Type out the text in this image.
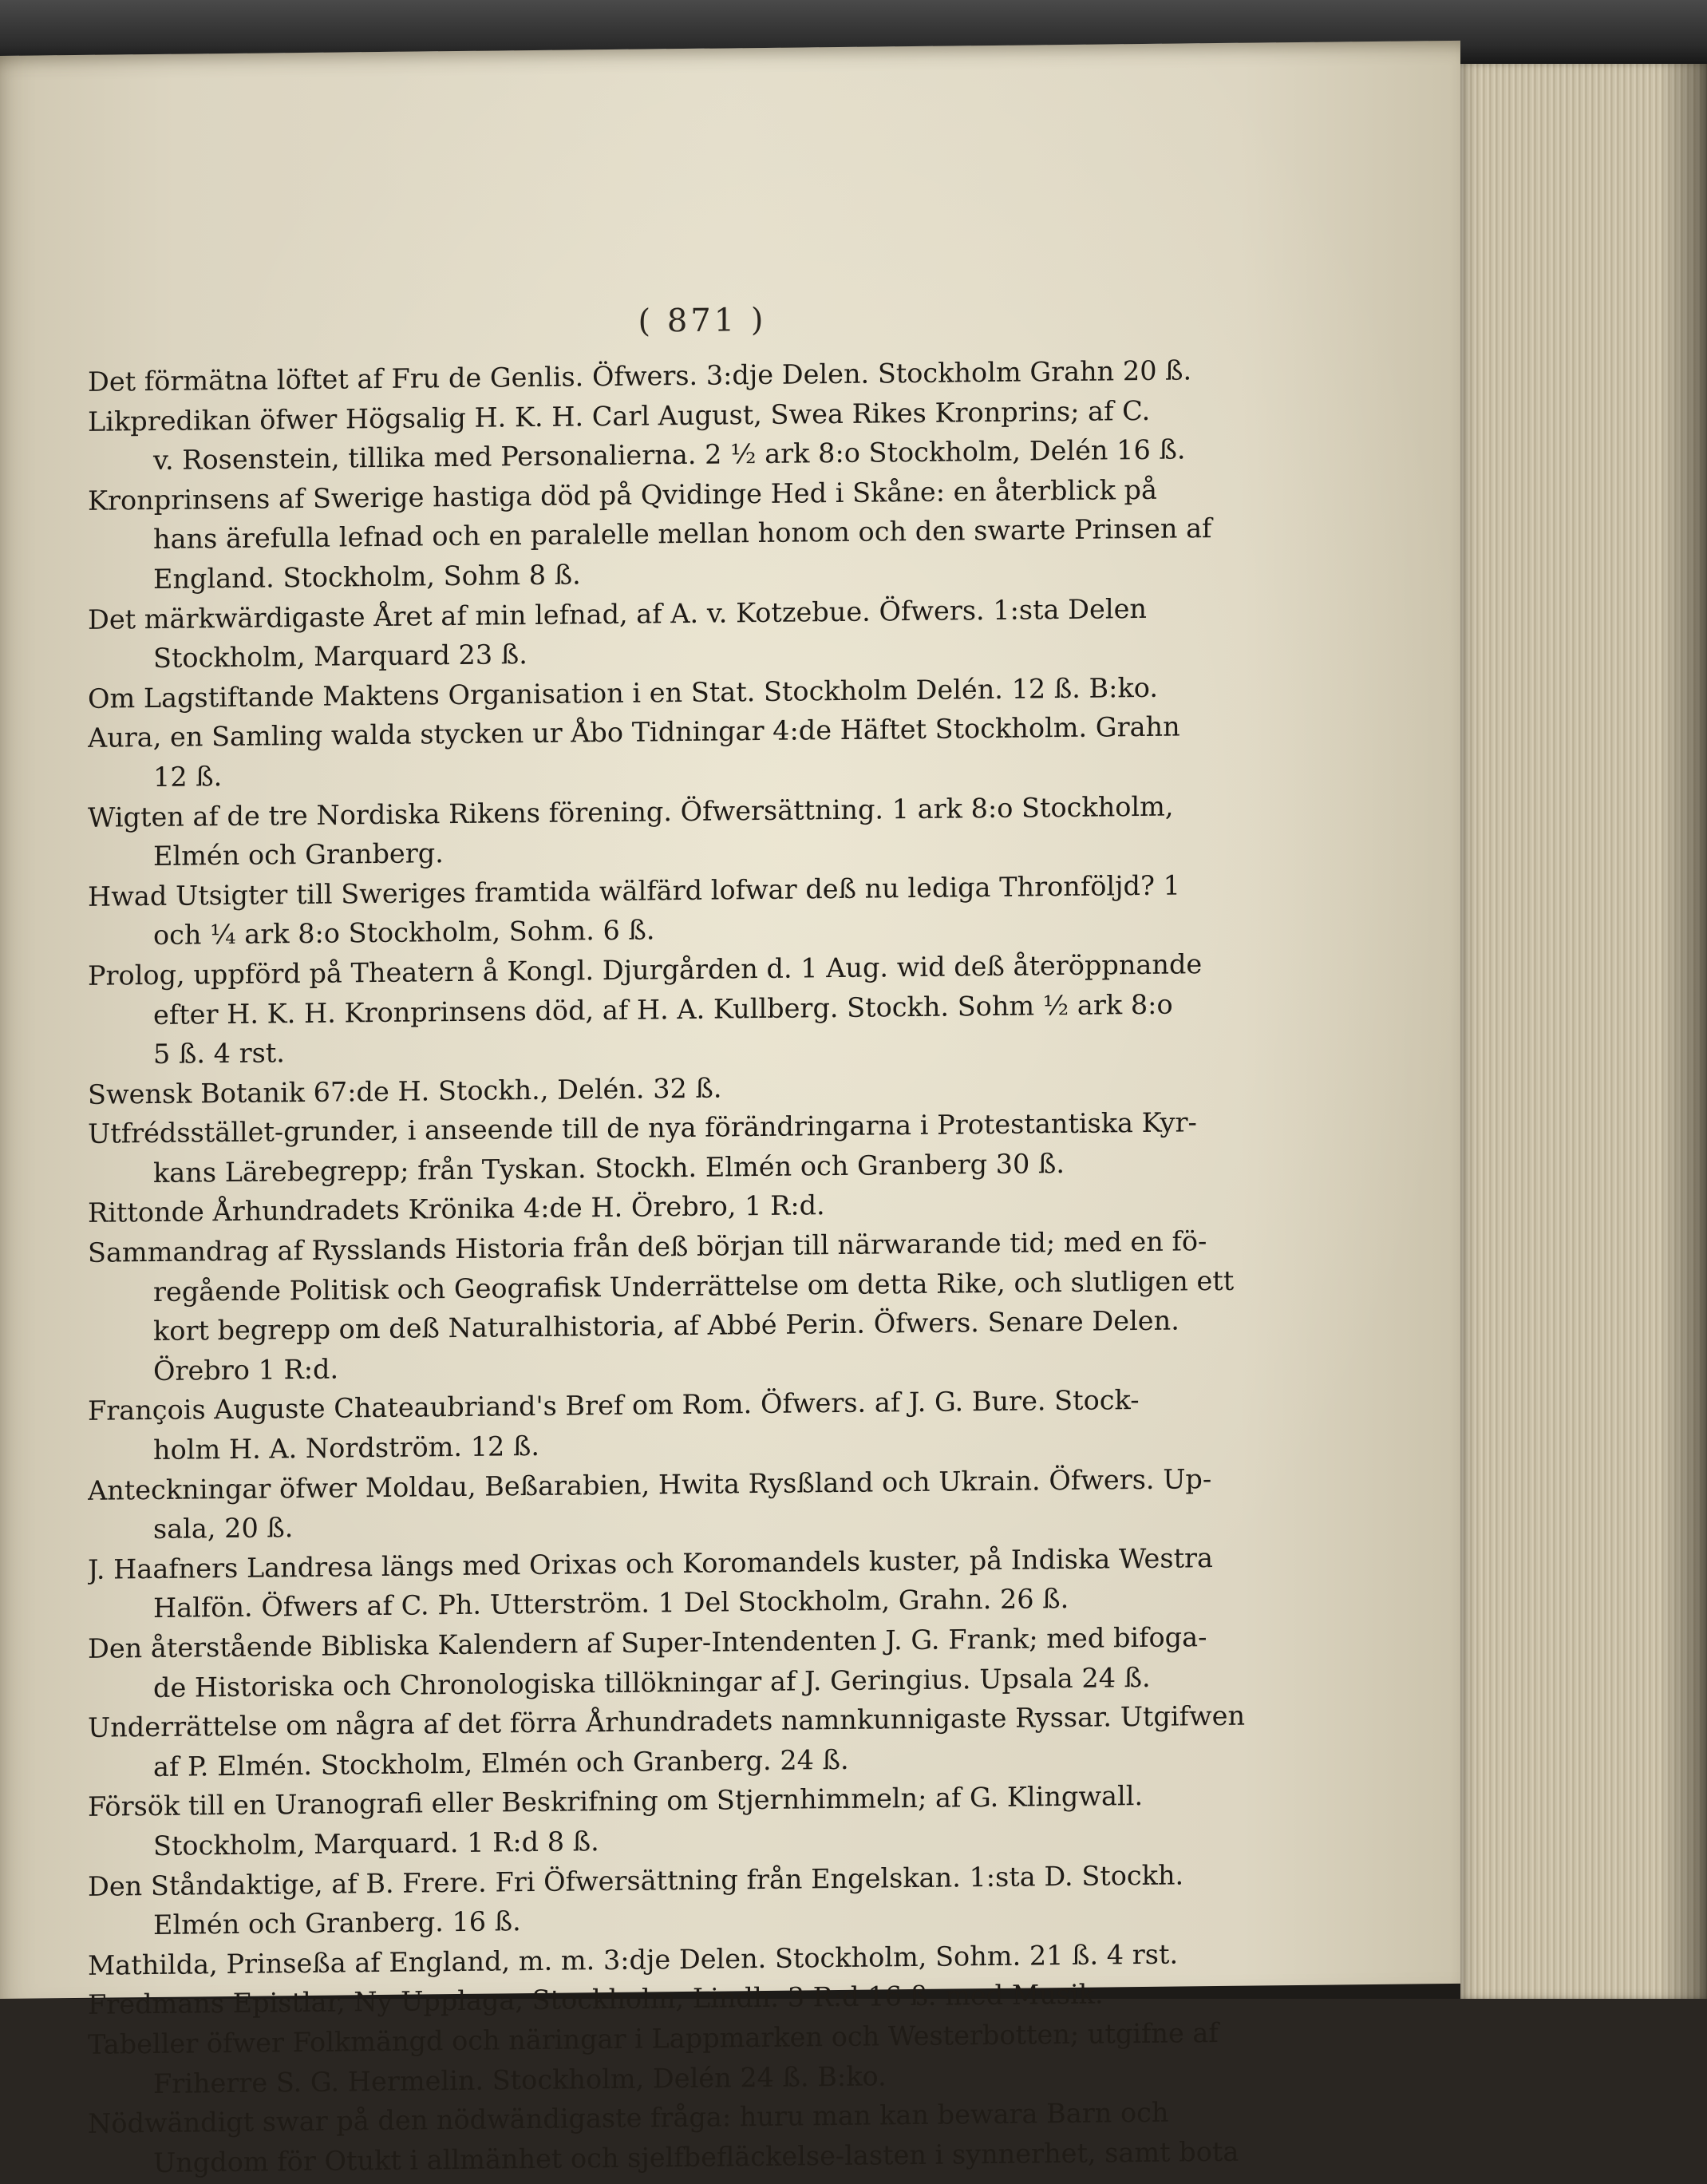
( 871 )
Det förmätna löftet af Fru de Genlis. Öfwers. 3:dje Delen. Stockholm Grahn 20 ß.
Likpredikan öfwer Högsalig H. K. H. Carl August, Swea Rikes Kronprins; af C.
v. Rosenstein, tillika med Personalierna. 2 ½ ark 8:o Stockholm, Delén 16 ß.
Kronprinsens af Swerige hastiga död på Qvidinge Hed i Skåne: en återblick på
hans ärefulla lefnad och en paralelle mellan honom och den swarte Prinsen af
England. Stockholm, Sohm 8 ß.
Det märkwärdigaste Året af min lefnad, af A. v. Kotzebue. Öfwers. 1:sta Delen
Stockholm, Marquard 23 ß.
Om Lagstiftande Maktens Organisation i en Stat. Stockholm Delén. 12 ß. B:ko.
Aura, en Samling walda stycken ur Åbo Tidningar 4:de Häftet Stockholm. Grahn
12 ß.
Wigten af de tre Nordiska Rikens förening. Öfwersättning. 1 ark 8:o Stockholm,
Elmén och Granberg.
Hwad Utsigter till Sweriges framtida wälfärd lofwar deß nu lediga Thronföljd? 1
och ¼ ark 8:o Stockholm, Sohm. 6 ß.
Prolog, uppförd på Theatern å Kongl. Djurgården d. 1 Aug. wid deß återöppnande
efter H. K. H. Kronprinsens död, af H. A. Kullberg. Stockh. Sohm ½ ark 8:o
5 ß. 4 rst.
Swensk Botanik 67:de H. Stockh., Delén. 32 ß.
Utfrédsstället-grunder, i anseende till de nya förändringarna i Protestantiska Kyr-
kans Lärebegrepp; från Tyskan. Stockh. Elmén och Granberg 30 ß.
Rittonde Århundradets Krönika 4:de H. Örebro, 1 R:d.
Sammandrag af Rysslands Historia från deß början till närwarande tid; med en fö-
regående Politisk och Geografisk Underrättelse om detta Rike, och slutligen ett
kort begrepp om deß Naturalhistoria, af Abbé Perin. Öfwers. Senare Delen.
Örebro 1 R:d.
François Auguste Chateaubriand's Bref om Rom. Öfwers. af J. G. Bure. Stock-
holm H. A. Nordström. 12 ß.
Anteckningar öfwer Moldau, Beßarabien, Hwita Rysßland och Ukrain. Öfwers. Up-
sala, 20 ß.
J. Haafners Landresa längs med Orixas och Koromandels kuster, på Indiska Westra
Halfön. Öfwers af C. Ph. Utterström. 1 Del Stockholm, Grahn. 26 ß.
Den återstående Bibliska Kalendern af Super-Intendenten J. G. Frank; med bifoga-
de Historiska och Chronologiska tillökningar af J. Geringius. Upsala 24 ß.
Underrättelse om några af det förra Århundradets namnkunnigaste Ryssar. Utgifwen
af P. Elmén. Stockholm, Elmén och Granberg. 24 ß.
Försök till en Uranografi eller Beskrifning om Stjernhimmeln; af G. Klingwall.
Stockholm, Marquard. 1 R:d 8 ß.
Den Ståndaktige, af B. Frere. Fri Öfwersättning från Engelskan. 1:sta D. Stockh.
Elmén och Granberg. 16 ß.
Mathilda, Prinseßa af England, m. m. 3:dje Delen. Stockholm, Sohm. 21 ß. 4 rst.
Fredmans Epistlar, Ny Upplaga, Stockholm, Lindh. 3 R:d 16 ß. med Musik.
Tabeller öfwer Folkmängd och näringar i Lappmarken och Westerbotten; utgifne af
Friherre S. G. Hermelin. Stockholm, Delén 24 ß. B:ko.
Nödwändigt swar på den nödwändigaste fråga: huru man kan bewara Barn och
Ungdom för Otukt i allmänhet och sjelfbefläckelse-lasten i synnerhet, samt bota
